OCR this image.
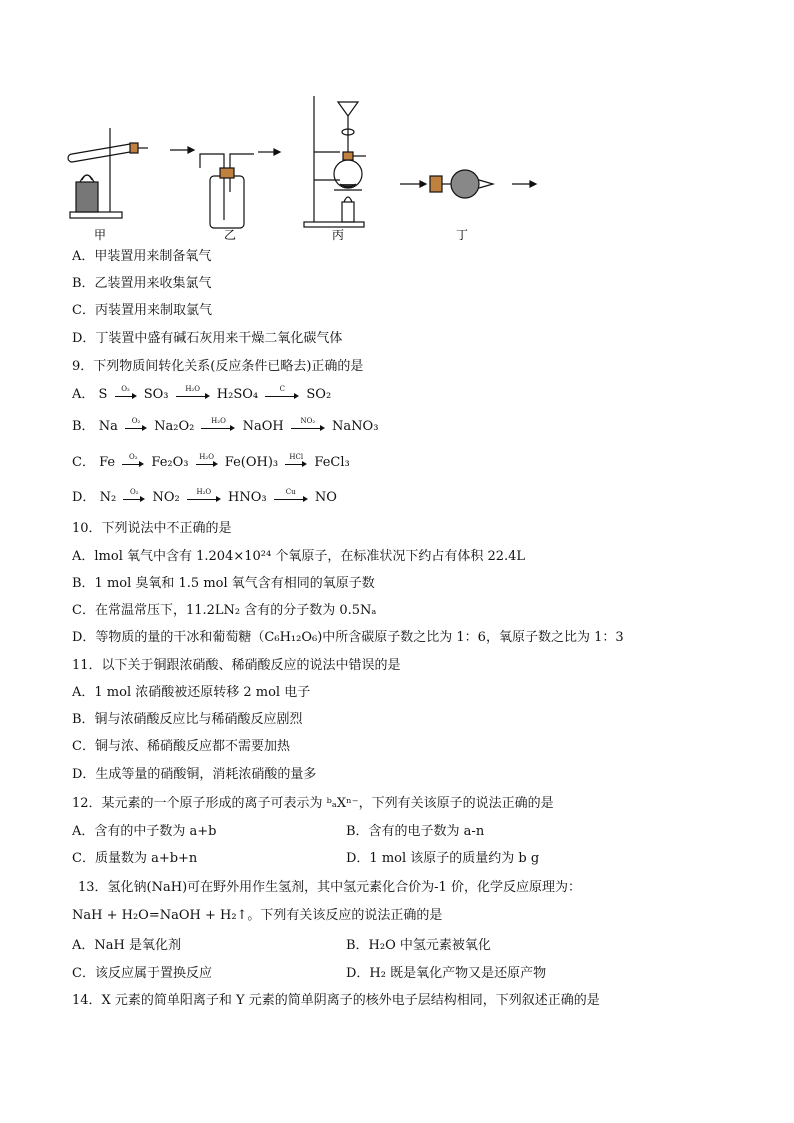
甲	乙	丙	丁
A．甲装置用来制备氧气
B．乙装置用来收集氯气
C．丙装置用来制取氯气
D．丁装置中盛有碱石灰用来干燥二氧化碳气体
9．下列物质间转化关系(反应条件已略去)正确的是
A． S O₂ SO₃ H₂O H₂SO₄	C SO₂
B． Na O₂ Na₂O₂ H₂O NaOH NO₂ NaNO₃
C． Fe O₂ Fe₂O₃ H₂O Fe(OH)₃ HCl FeCl₃
D． N₂ O₂ NO₂ H₂O HNO₃	Cu NO
10．下列说法中不正确的是
A．lmol 氧气中含有 1.204×10²⁴ 个氧原子，在标准状况下约占有体积 22.4L
B．1 mol 臭氧和 1.5 mol 氧气含有相同的氧原子数
C．在常温常压下，11.2LN₂ 含有的分子数为 0.5Nₐ
D．等物质的量的干冰和葡萄糖（C₆H₁₂O₆)中所含碳原子数之比为 1：6，氧原子数之比为 1：3
11．以下关于铜跟浓硝酸、稀硝酸反应的说法中错误的是
A．1 mol 浓硝酸被还原转移 2 mol 电子
B．铜与浓硝酸反应比与稀硝酸反应剧烈
C．铜与浓、稀硝酸反应都不需要加热
D．生成等量的硝酸铜，消耗浓硝酸的量多
12．某元素的一个原子形成的离子可表示为 ᵇₐXⁿ⁻，下列有关该原子的说法正确的是
A．含有的中子数为 a+b	B．含有的电子数为 a-n
C．质量数为 a+b+n	D．1 mol 该原子的质量约为 b g
13．氢化钠(NaH)可在野外用作生氢剂，其中氢元素化合价为-1 价，化学反应原理为：
NaH + H₂O=NaOH + H₂↑。下列有关该反应的说法正确的是
A．NaH 是氧化剂	B．H₂O 中氢元素被氧化
C．该反应属于置换反应	D．H₂ 既是氧化产物又是还原产物
14．X 元素的简单阳离子和 Y 元素的简单阴离子的核外电子层结构相同，下列叙述正确的是
